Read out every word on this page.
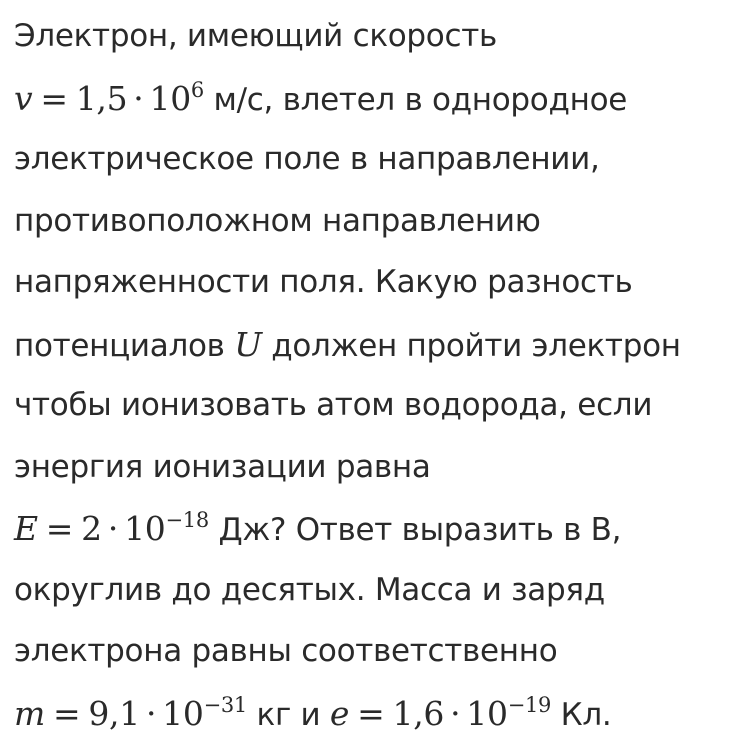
Электрон, имеющий скорость
$v = 1,5 \cdot 10^6$ м/с, влетел в однородное
электрическое поле в направлении,
противоположном направлению
напряженности поля. Какую разность
потенциалов U должен пройти электрон
чтобы ионизовать атом водорода, если
энергия ионизации равна
$E = 2 \cdot 10^{-18}$ Дж? Ответ выразить в В,
округлив до десятых. Масса и заряд
электрона равны соответственно
$m = 9,1 \cdot 10^{-31}$ кг и $e = 1,6 \cdot 10^{-19}$ Кл.
